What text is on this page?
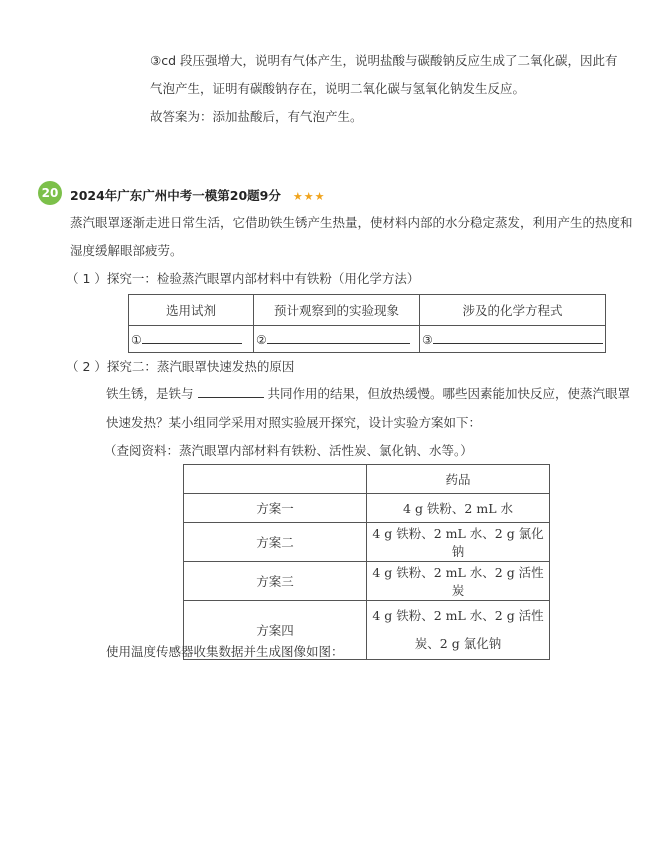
③cd 段压强增大，说明有气体产生，说明盐酸与碳酸钠反应生成了二氧化碳，因此有
气泡产生，证明有碳酸钠存在，说明二氧化碳与氢氧化钠发生反应。
故答案为：添加盐酸后，有气泡产生。
20 2024年广东广州中考一模第20题9分 ★★★
蒸汽眼罩逐渐走进日常生活，它借助铁生锈产生热量，使材料内部的水分稳定蒸发，利用产生的热度和
湿度缓解眼部疲劳。
（ 1 ）探究一：检验蒸汽眼罩内部材料中有铁粉（用化学方法）
选用试剂	预计观察到的实验现象	涉及的化学方程式
①	②	③
（ 2 ）探究二：蒸汽眼罩快速发热的原因
铁生锈，是铁与	共同作用的结果，但放热缓慢。哪些因素能加快反应，使蒸汽眼罩
快速发热？某小组同学采用对照实验展开探究，设计实验方案如下：
（查阅资料：蒸汽眼罩内部材料有铁粉、活性炭、氯化钠、水等。）
	药品
方案一	4 g 铁粉、2 mL 水
方案二	4 g 铁粉、2 mL 水、2 g 氯化钠
方案三	4 g 铁粉、2 mL 水、2 g 活性炭
方案四	4 g 铁粉、2 mL 水、2 g 活性
炭、2 g 氯化钠
使用温度传感器收集数据并生成图像如图：
